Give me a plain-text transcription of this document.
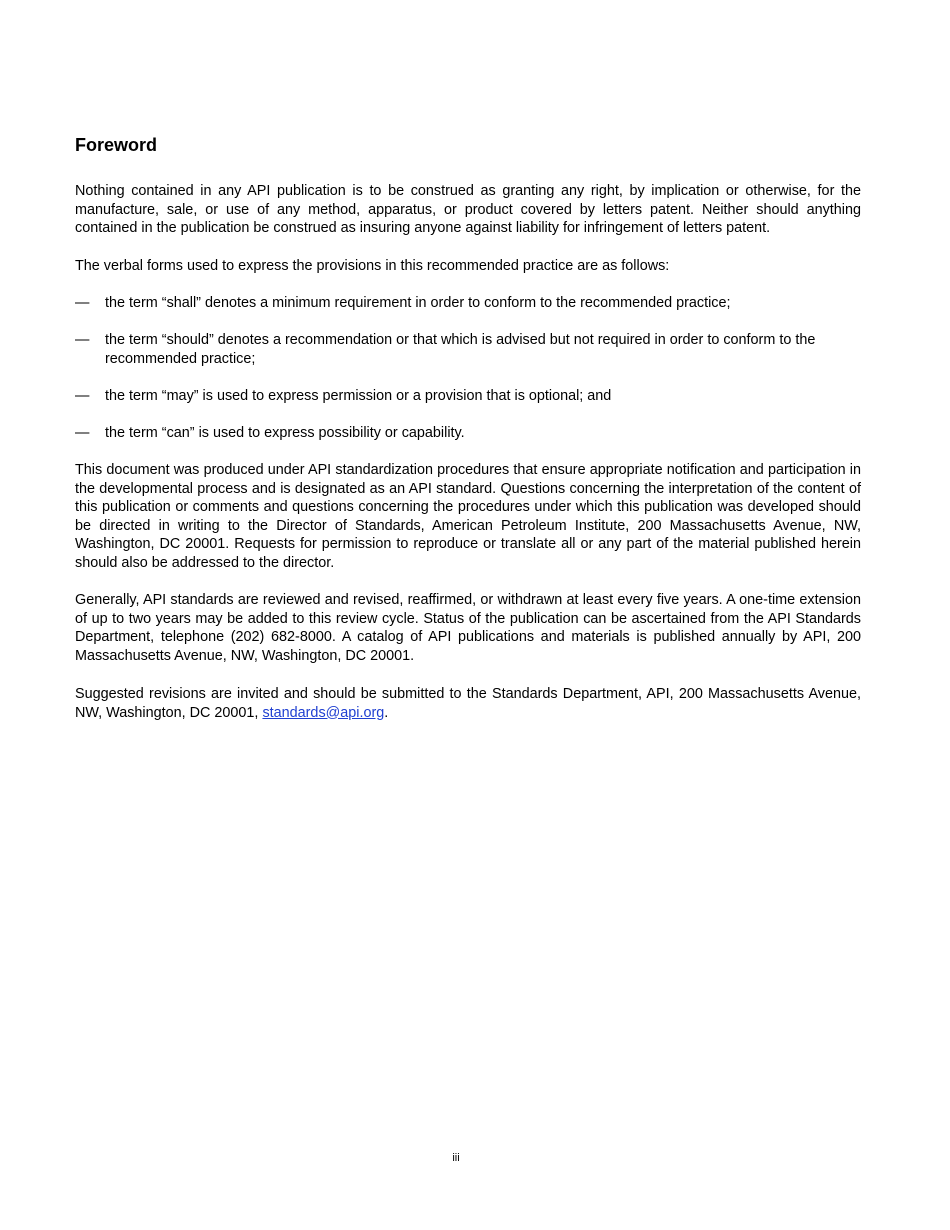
Foreword

Nothing contained in any API publication is to be construed as granting any right, by implication or otherwise, for the manufacture, sale, or use of any method, apparatus, or product covered by letters patent. Neither should anything contained in the publication be construed as insuring anyone against liability for infringement of letters patent.

The verbal forms used to express the provisions in this recommended practice are as follows:

— the term “shall” denotes a minimum requirement in order to conform to the recommended practice;
— the term “should” denotes a recommendation or that which is advised but not required in order to conform to the recommended practice;
— the term “may” is used to express permission or a provision that is optional; and
— the term “can” is used to express possibility or capability.

This document was produced under API standardization procedures that ensure appropriate notification and participation in the developmental process and is designated as an API standard. Questions concerning the interpretation of the content of this publication or comments and questions concerning the procedures under which this publication was developed should be directed in writing to the Director of Standards, American Petroleum Institute, 200 Massachusetts Avenue, NW, Washington, DC 20001. Requests for permission to reproduce or translate all or any part of the material published herein should also be addressed to the director.

Generally, API standards are reviewed and revised, reaffirmed, or withdrawn at least every five years. A one-time extension of up to two years may be added to this review cycle. Status of the publication can be ascertained from the API Standards Department, telephone (202) 682-8000. A catalog of API publications and materials is published annually by API, 200 Massachusetts Avenue, NW, Washington, DC 20001.

Suggested revisions are invited and should be submitted to the Standards Department, API, 200 Massachusetts Avenue, NW, Washington, DC 20001, standards@api.org.

iii
